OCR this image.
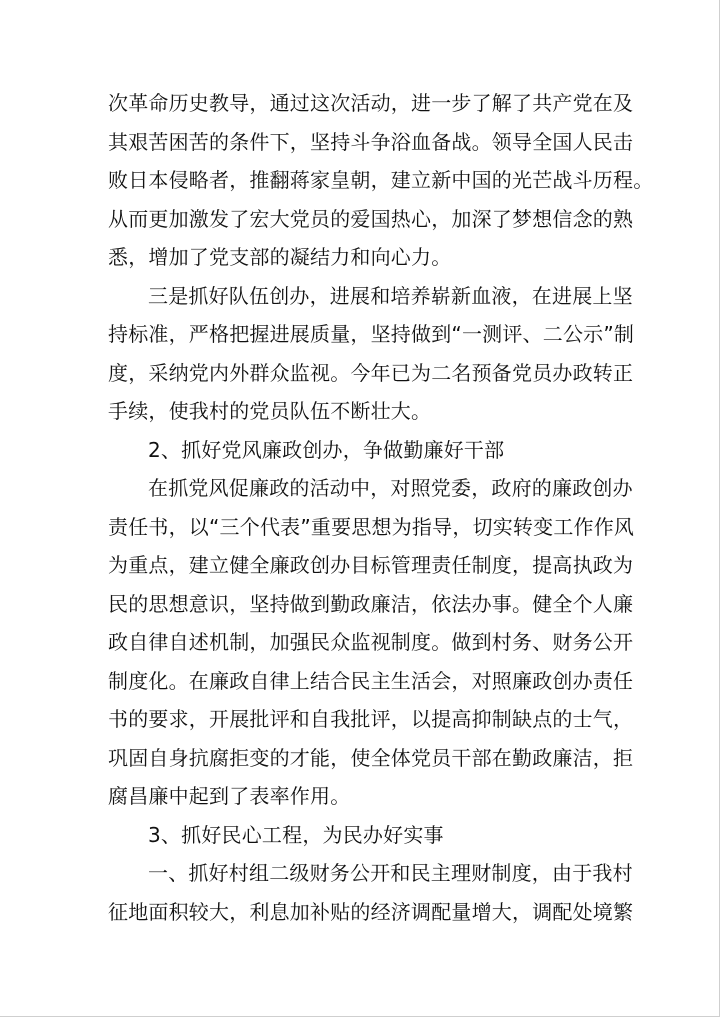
次革命历史教导，通过这次活动，进一步了解了共产党在及
其艰苦困苦的条件下，坚持斗争浴血备战。领导全国人民击
败日本侵略者，推翻蒋家皇朝，建立新中国的光芒战斗历程。
从而更加激发了宏大党员的爱国热心，加深了梦想信念的熟
悉，增加了党支部的凝结力和向心力。
三是抓好队伍创办，进展和培养崭新血液，在进展上坚
持标准，严格把握进展质量，坚持做到“一测评、二公示”制
度，采纳党内外群众监视。今年已为二名预备党员办政转正
手续，使我村的党员队伍不断壮大。
2、抓好党风廉政创办，争做勤廉好干部
在抓党风促廉政的活动中，对照党委，政府的廉政创办
责任书，以“三个代表”重要思想为指导，切实转变工作作风
为重点，建立健全廉政创办目标管理责任制度，提高执政为
民的思想意识，坚持做到勤政廉洁，依法办事。健全个人廉
政自律自述机制，加强民众监视制度。做到村务、财务公开
制度化。在廉政自律上结合民主生活会，对照廉政创办责任
书的要求，开展批评和自我批评，以提高抑制缺点的士气，
巩固自身抗腐拒变的才能，使全体党员干部在勤政廉洁，拒
腐昌廉中起到了表率作用。
3、抓好民心工程，为民办好实事
一、抓好村组二级财务公开和民主理财制度，由于我村
征地面积较大，利息加补贴的经济调配量增大，调配处境繁
